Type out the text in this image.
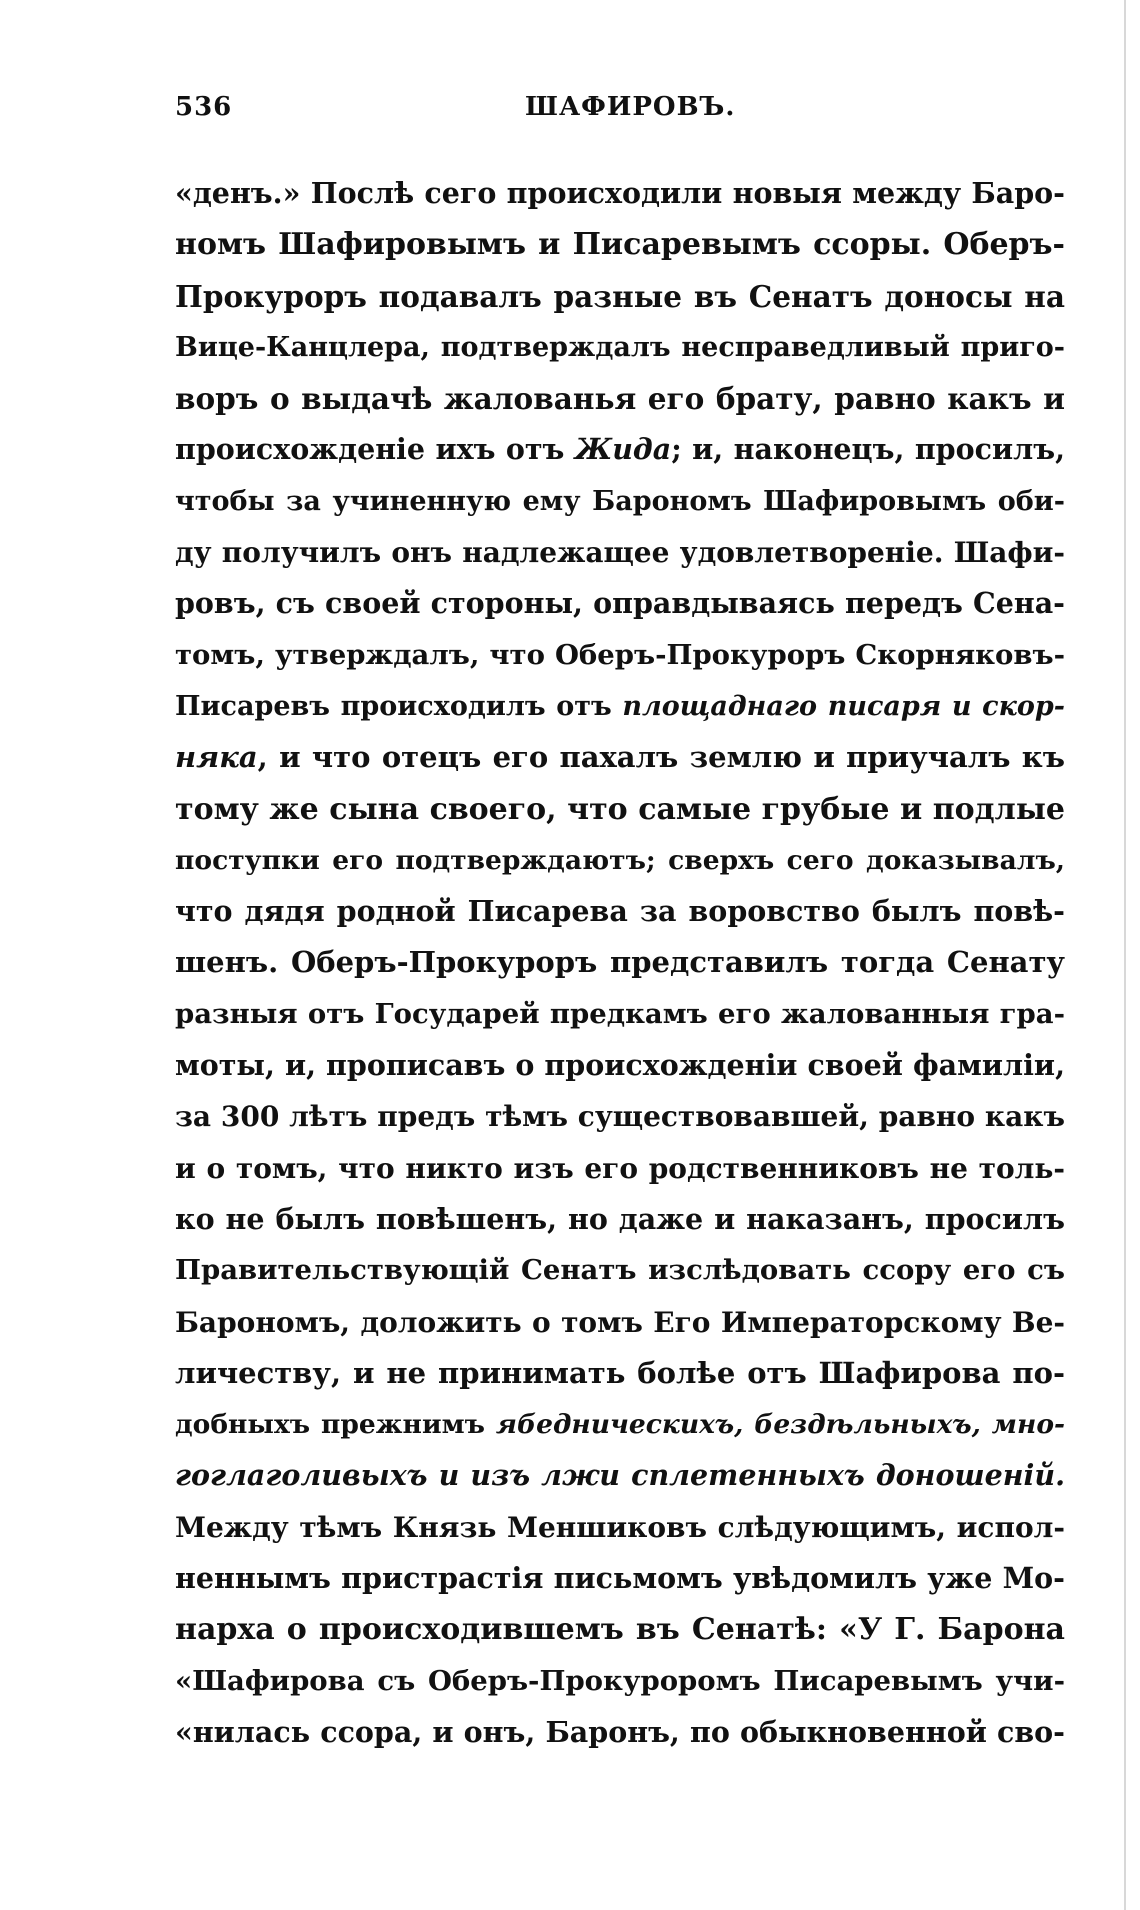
536	ШАФИРОВЪ.
«денъ.» Послѣ сего происходили новыя между Баро-
номъ Шафировымъ и Писаревымъ ссоры. Оберъ-
Прокуроръ подавалъ разные въ Сенатъ доносы на
Вице-Канцлера, подтверждалъ несправедливый приго-
воръ о выдачѣ жалованья его брату, равно какъ и
происхожденіе ихъ отъ Жида; и, наконецъ, просилъ,
чтобы за учиненную ему Барономъ Шафировымъ оби-
ду получилъ онъ надлежащее удовлетвореніе. Шафи-
ровъ, съ своей стороны, оправдываясь передъ Сена-
томъ, утверждалъ, что Оберъ-Прокуроръ Скорняковъ-
Писаревъ происходилъ отъ площаднаго писаря и скор-
няка, и что отецъ его пахалъ землю и приучалъ къ
тому же сына своего, что самые грубые и подлые
поступки его подтверждаютъ; сверхъ сего доказывалъ,
что дядя родной Писарева за воровство былъ повѣ-
шенъ. Оберъ-Прокуроръ представилъ тогда Сенату
разныя отъ Государей предкамъ его жалованныя гра-
моты, и, прописавъ о происхожденіи своей фамиліи,
за 300 лѣтъ предъ тѣмъ существовавшей, равно какъ
и о томъ, что никто изъ его родственниковъ не толь-
ко не былъ повѣшенъ, но даже и наказанъ, просилъ
Правительствующій Сенатъ изслѣдовать ссору его съ
Барономъ, доложить о томъ Его Императорскому Ве-
личеству, и не принимать болѣе отъ Шафирова по-
добныхъ прежнимъ ябедническихъ, бездѣльныхъ, мно-
гоглаголивыхъ и изъ лжи сплетенныхъ доношеній.
Между тѣмъ Князь Меншиковъ слѣдующимъ, испол-
неннымъ пристрастія письмомъ увѣдомилъ уже Мо-
нарха о происходившемъ въ Сенатѣ: «У Г. Барона
«Шафирова съ Оберъ-Прокуроромъ Писаревымъ учи-
«нилась ссора, и онъ, Баронъ, по обыкновенной сво-
